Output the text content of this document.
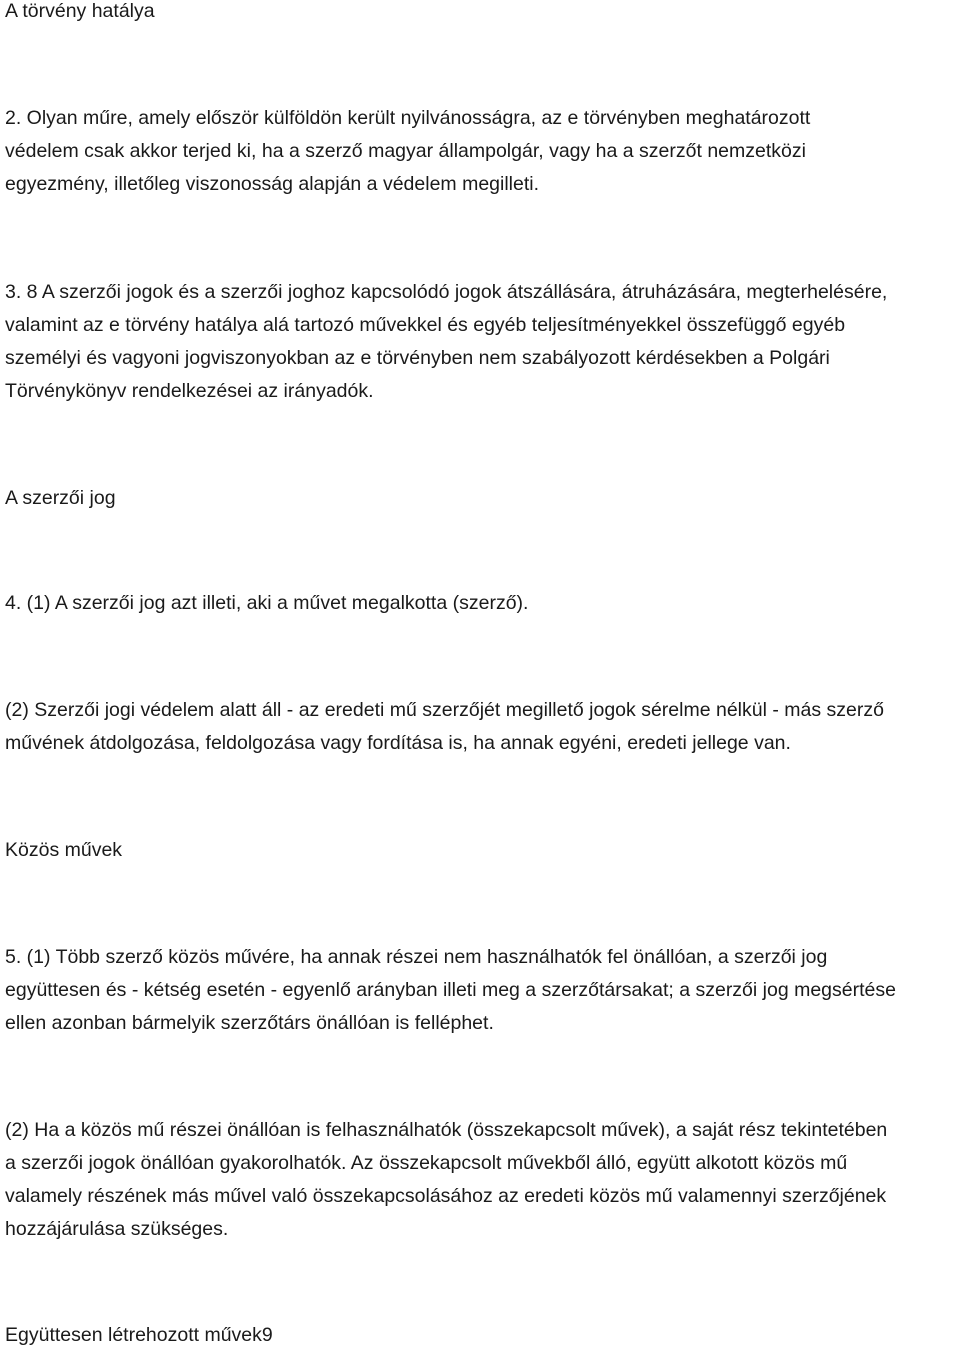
A törvény hatálya

2. Olyan műre, amely először külföldön került nyilvánosságra, az e törvényben meghatározott
védelem csak akkor terjed ki, ha a szerző magyar állampolgár, vagy ha a szerzőt nemzetközi
egyezmény, illetőleg viszonosság alapján a védelem megilleti.

3. 8 A szerzői jogok és a szerzői joghoz kapcsolódó jogok átszállására, átruházására, megterhelésére,
valamint az e törvény hatálya alá tartozó művekkel és egyéb teljesítményekkel összefüggő egyéb
személyi és vagyoni jogviszonyokban az e törvényben nem szabályozott kérdésekben a Polgári
Törvénykönyv rendelkezései az irányadók.

A szerzői jog

4. (1) A szerzői jog azt illeti, aki a művet megalkotta (szerző).

(2) Szerzői jogi védelem alatt áll - az eredeti mű szerzőjét megillető jogok sérelme nélkül - más szerző
művének átdolgozása, feldolgozása vagy fordítása is, ha annak egyéni, eredeti jellege van.

Közös művek

5. (1) Több szerző közös művére, ha annak részei nem használhatók fel önállóan, a szerzői jog
együttesen és - kétség esetén - egyenlő arányban illeti meg a szerzőtársakat; a szerzői jog megsértése
ellen azonban bármelyik szerzőtárs önállóan is felléphet.

(2) Ha a közös mű részei önállóan is felhasználhatók (összekapcsolt művek), a saját rész tekintetében
a szerzői jogok önállóan gyakorolhatók. Az összekapcsolt művekből álló, együtt alkotott közös mű
valamely részének más művel való összekapcsolásához az eredeti közös mű valamennyi szerzőjének
hozzájárulása szükséges.

Együttesen létrehozott művek9
